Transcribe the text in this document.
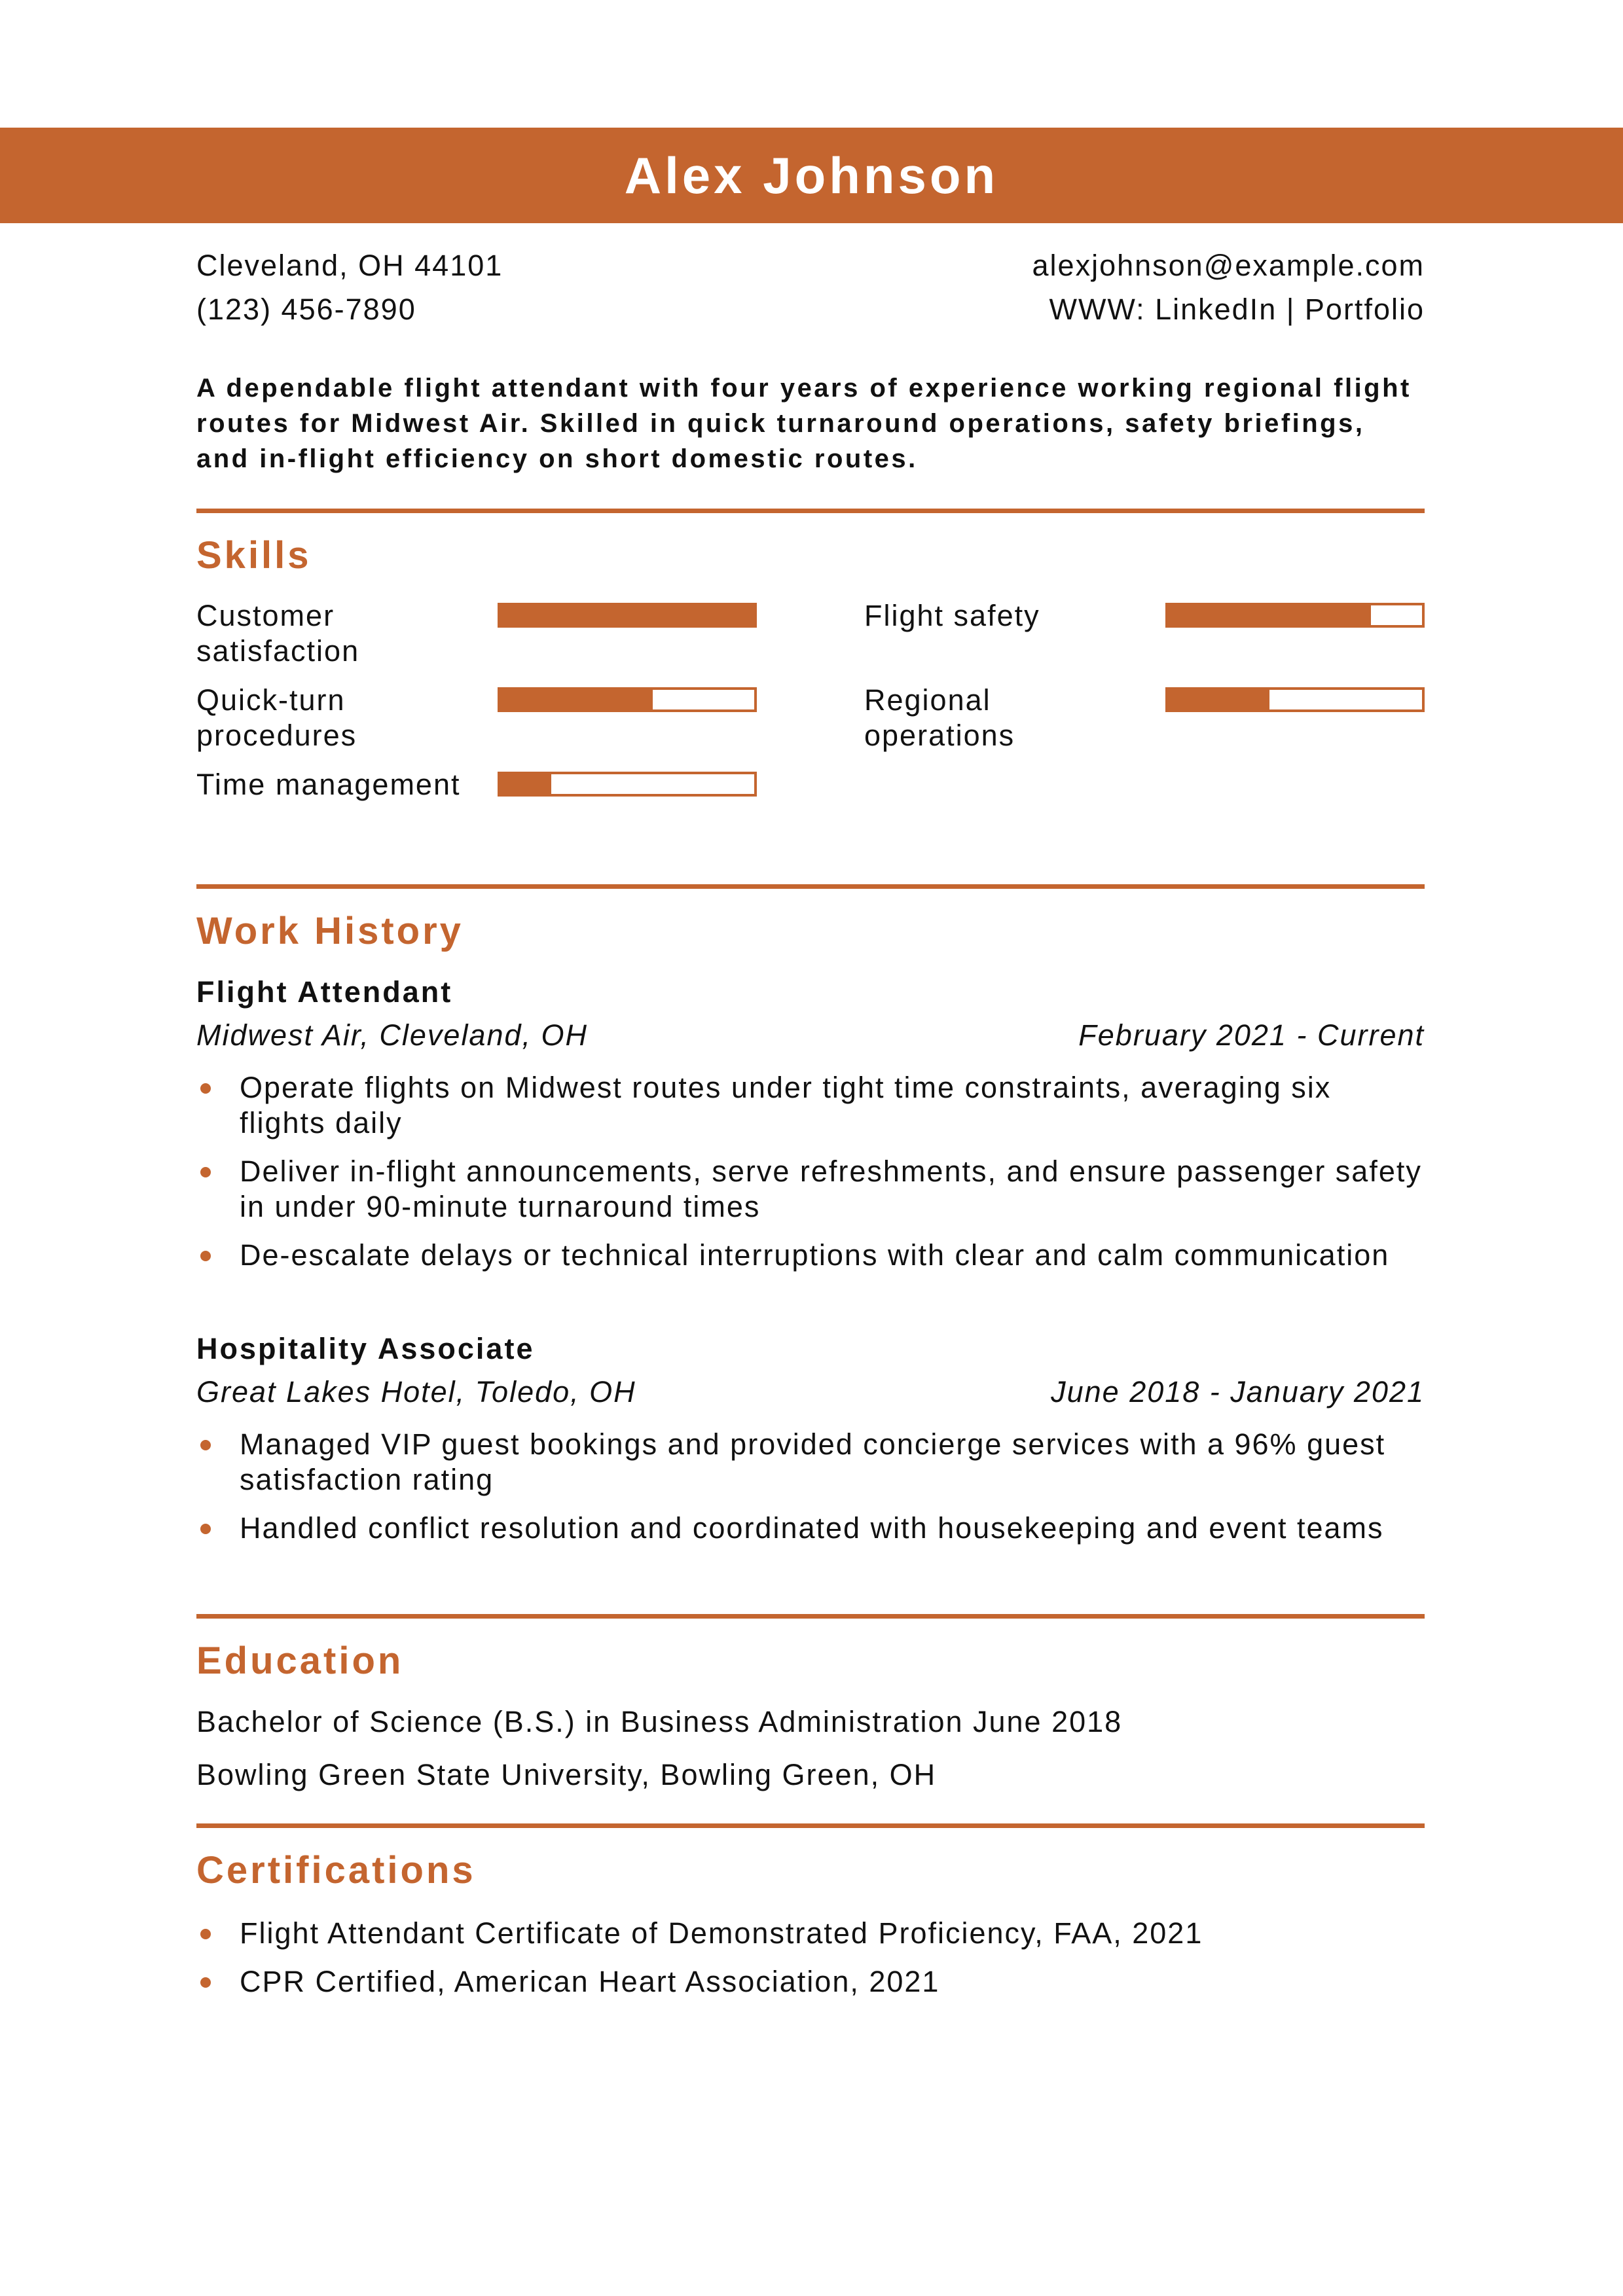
Alex Johnson
Cleveland, OH 44101	alexjohnson@example.com
(123) 456-7890	WWW: LinkedIn | Portfolio
A dependable flight attendant with four years of experience working regional flight routes for Midwest Air. Skilled in quick turnaround operations, safety briefings, and in-flight efficiency on short domestic routes.
Skills
Customer satisfaction
Flight safety
Quick-turn procedures
Regional operations
Time management
Work History
Flight Attendant
Midwest Air, Cleveland, OH	February 2021 - Current
Operate flights on Midwest routes under tight time constraints, averaging six flights daily
Deliver in-flight announcements, serve refreshments, and ensure passenger safety in under 90-minute turnaround times
De-escalate delays or technical interruptions with clear and calm communication
Hospitality Associate
Great Lakes Hotel, Toledo, OH	June 2018 - January 2021
Managed VIP guest bookings and provided concierge services with a 96% guest satisfaction rating
Handled conflict resolution and coordinated with housekeeping and event teams
Education
Bachelor of Science (B.S.) in Business Administration June 2018
Bowling Green State University, Bowling Green, OH
Certifications
Flight Attendant Certificate of Demonstrated Proficiency, FAA, 2021
CPR Certified, American Heart Association, 2021
